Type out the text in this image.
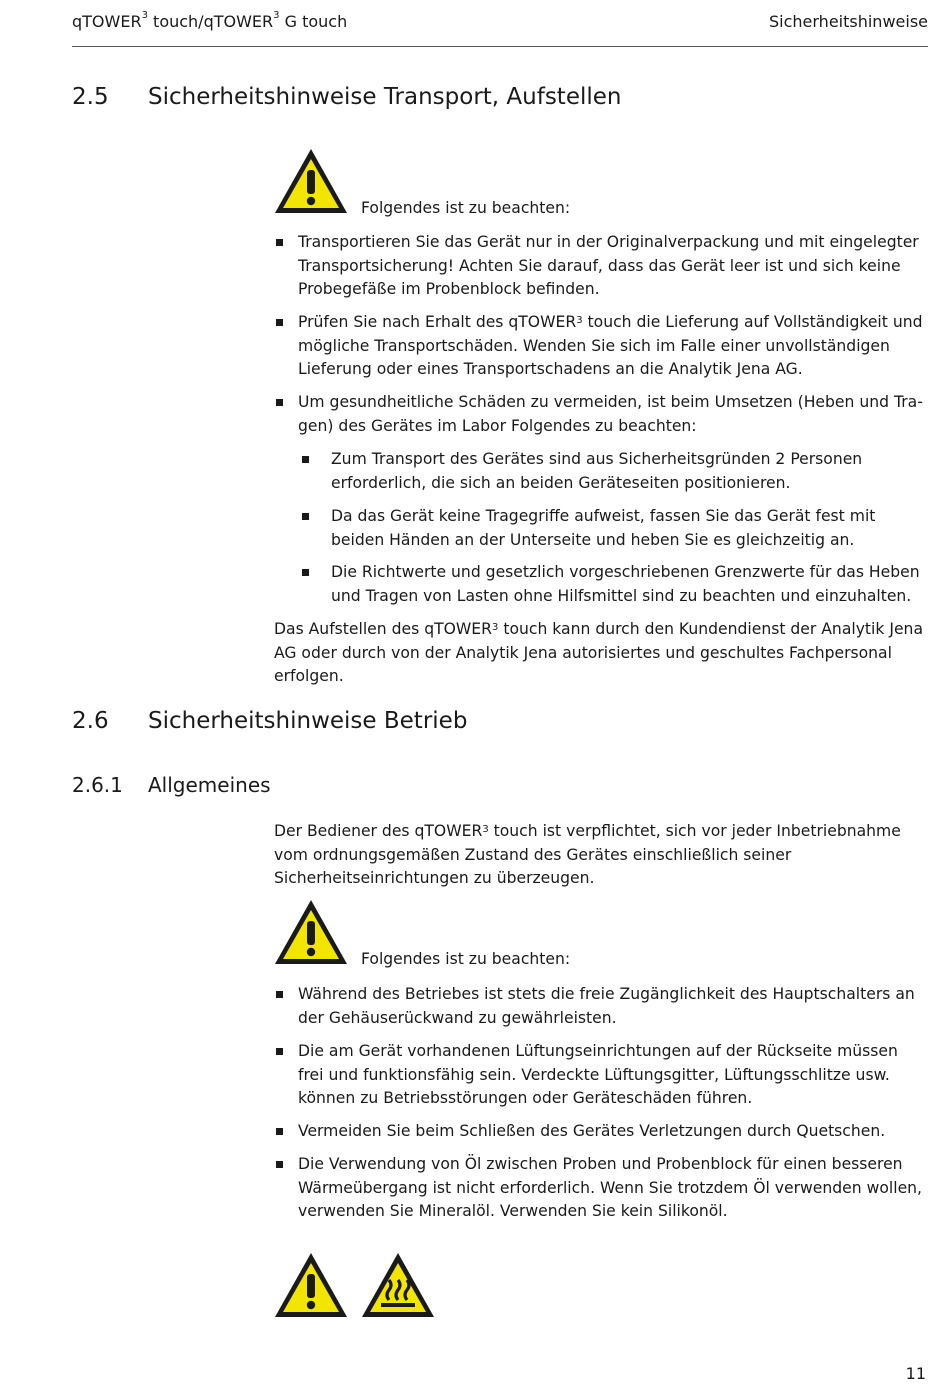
qTOWER$^3$ touch/qTOWER$^3$ G touch	Sicherheitshinweise
2.5 Sicherheitshinweise Transport, Aufstellen
Folgendes ist zu beachten:
Transportieren Sie das Gerät nur in der Originalverpackung und mit eingelegter Transportsicherung! Achten Sie darauf, dass das Gerät leer ist und sich keine Probegefäße im Probenblock befinden.
Prüfen Sie nach Erhalt des qTOWER$^3$ touch die Lieferung auf Vollständigkeit und mögliche Transportschäden. Wenden Sie sich im Falle einer unvollständigen Lieferung oder eines Transportschadens an die Analytik Jena AG.
Um gesundheitliche Schäden zu vermeiden, ist beim Umsetzen (Heben und Tragen) des Gerätes im Labor Folgendes zu beachten:
Zum Transport des Gerätes sind aus Sicherheitsgründen 2 Personen erforderlich, die sich an beiden Geräteseiten positionieren.
Da das Gerät keine Tragegriffe aufweist, fassen Sie das Gerät fest mit beiden Händen an der Unterseite und heben Sie es gleichzeitig an.
Die Richtwerte und gesetzlich vorgeschriebenen Grenzwerte für das Heben und Tragen von Lasten ohne Hilfsmittel sind zu beachten und einzuhalten.
Das Aufstellen des qTOWER$^3$ touch kann durch den Kundendienst der Analytik Jena AG oder durch von der Analytik Jena autorisiertes und geschultes Fachpersonal erfolgen.
2.6 Sicherheitshinweise Betrieb
2.6.1 Allgemeines
Der Bediener des qTOWER$^3$ touch ist verpflichtet, sich vor jeder Inbetriebnahme vom ordnungsgemäßen Zustand des Gerätes einschließlich seiner Sicherheitseinrichtungen zu überzeugen.
Folgendes ist zu beachten:
Während des Betriebes ist stets die freie Zugänglichkeit des Hauptschalters an der Gehäuserückwand zu gewährleisten.
Die am Gerät vorhandenen Lüftungseinrichtungen auf der Rückseite müssen frei und funktionsfähig sein. Verdeckte Lüftungsgitter, Lüftungsschlitze usw. können zu Betriebsstörungen oder Geräteschäden führen.
Vermeiden Sie beim Schließen des Gerätes Verletzungen durch Quetschen.
Die Verwendung von Öl zwischen Proben und Probenblock für einen besseren Wärmeübergang ist nicht erforderlich. Wenn Sie trotzdem Öl verwenden wollen, verwenden Sie Mineralöl. Verwenden Sie kein Silikonöl.
11
